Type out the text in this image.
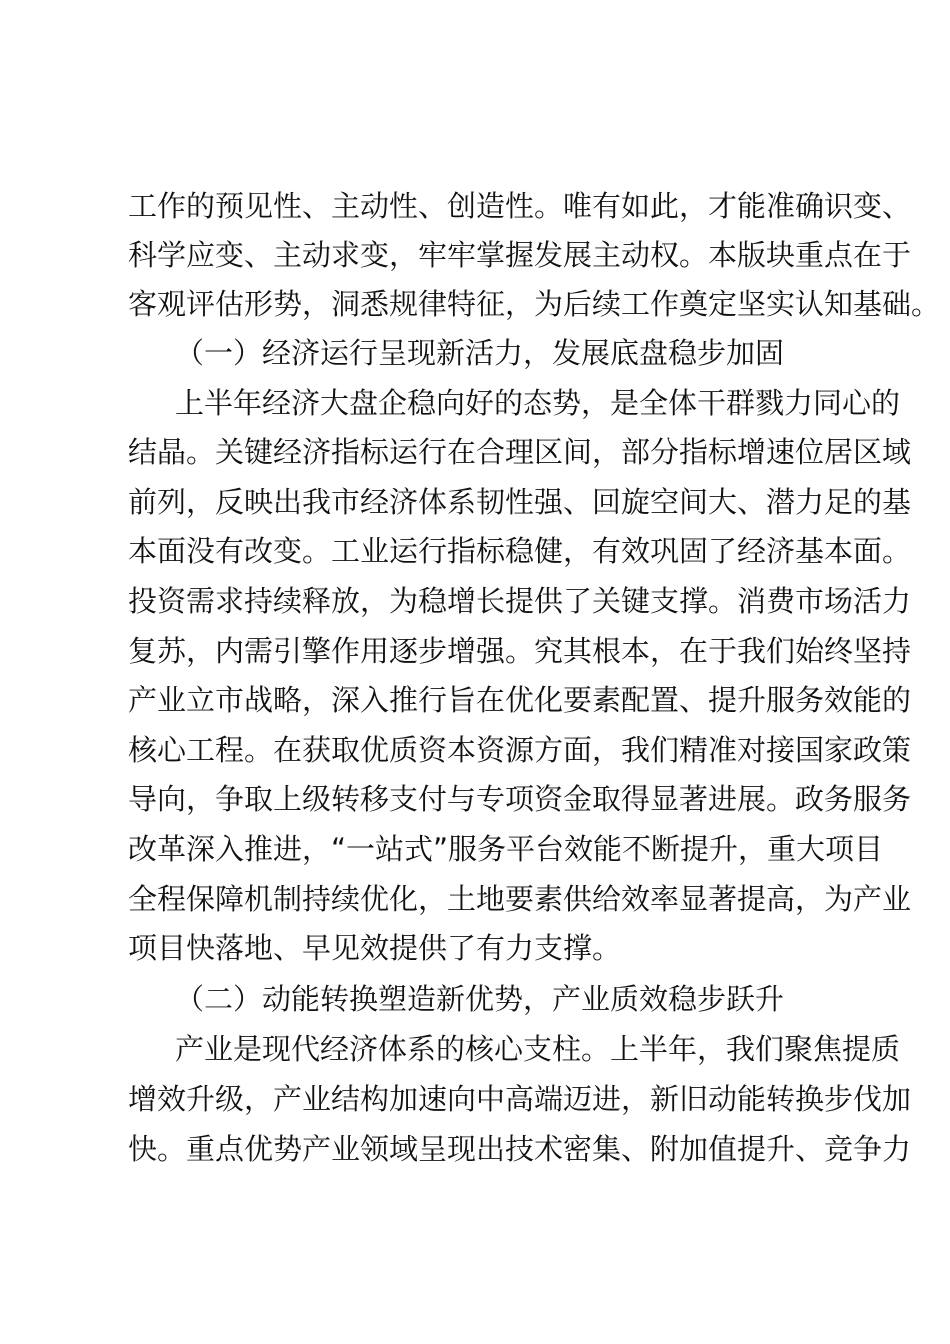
工作的预见性、主动性、创造性。唯有如此，才能准确识变、
科学应变、主动求变，牢牢掌握发展主动权。本版块重点在于
客观评估形势，洞悉规律特征，为后续工作奠定坚实认知基础。
（一）经济运行呈现新活力，发展底盘稳步加固
上半年经济大盘企稳向好的态势，是全体干群戮力同心的
结晶。关键经济指标运行在合理区间，部分指标增速位居区域
前列，反映出我市经济体系韧性强、回旋空间大、潜力足的基
本面没有改变。工业运行指标稳健，有效巩固了经济基本面。
投资需求持续释放，为稳增长提供了关键支撑。消费市场活力
复苏，内需引擎作用逐步增强。究其根本，在于我们始终坚持
产业立市战略，深入推行旨在优化要素配置、提升服务效能的
核心工程。在获取优质资本资源方面，我们精准对接国家政策
导向，争取上级转移支付与专项资金取得显著进展。政务服务
改革深入推进，“一站式”服务平台效能不断提升，重大项目
全程保障机制持续优化，土地要素供给效率显著提高，为产业
项目快落地、早见效提供了有力支撑。
（二）动能转换塑造新优势，产业质效稳步跃升
产业是现代经济体系的核心支柱。上半年，我们聚焦提质
增效升级，产业结构加速向中高端迈进，新旧动能转换步伐加
快。重点优势产业领域呈现出技术密集、附加值提升、竞争力
